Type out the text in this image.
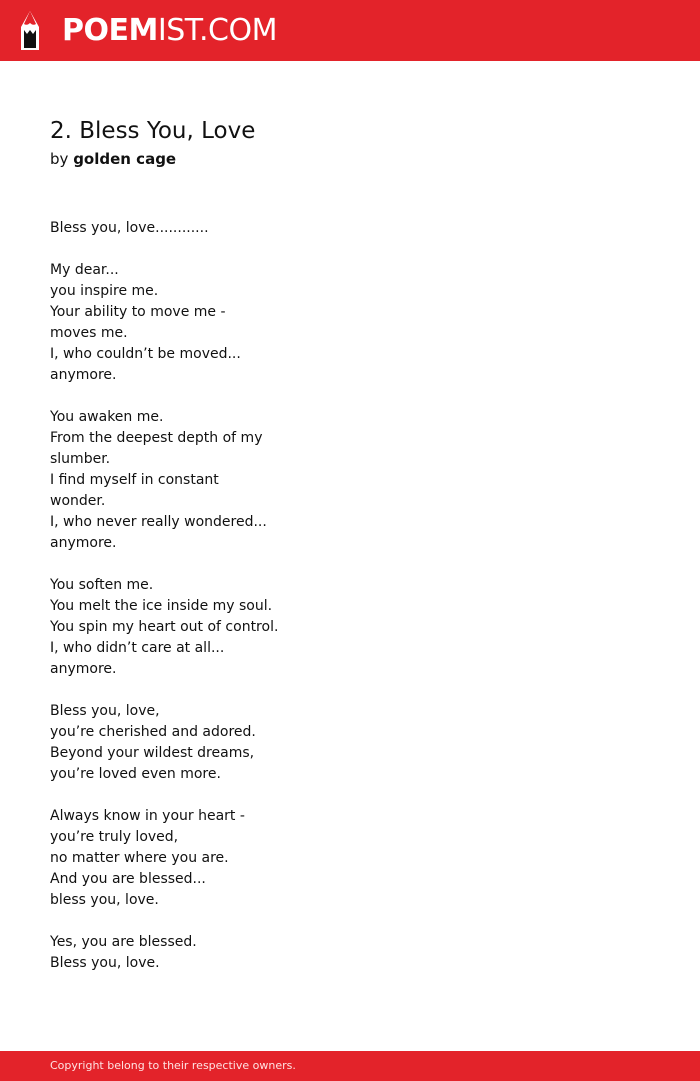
POEMIST.COM
2. Bless You, Love
by golden cage
Bless you, love............
My dear...
you inspire me.
Your ability to move me -
moves me.
I, who couldn’t be moved...
anymore.
You awaken me.
From the deepest depth of my
slumber.
I find myself in constant
wonder.
I, who never really wondered...
anymore.
You soften me.
You melt the ice inside my soul.
You spin my heart out of control.
I, who didn’t care at all...
anymore.
Bless you, love,
you’re cherished and adored.
Beyond your wildest dreams,
you’re loved even more.
Always know in your heart -
you’re truly loved,
no matter where you are.
And you are blessed...
bless you, love.
Yes, you are blessed.
Bless you, love.
Copyright belong to their respective owners.
